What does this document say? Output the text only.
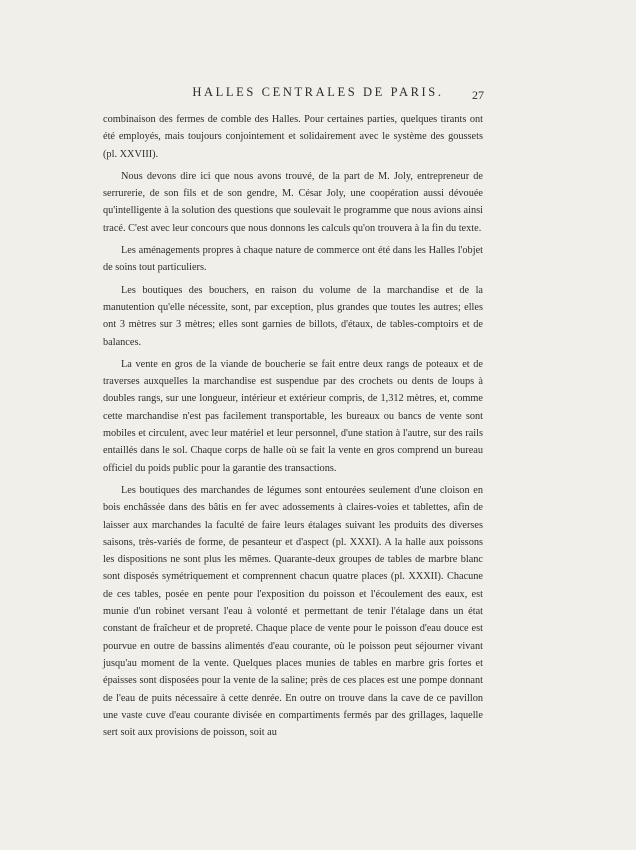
HALLES CENTRALES DE PARIS.	27

combinaison des fermes de comble des Halles. Pour certaines parties, quelques tirants ont été employés, mais toujours conjointement et solidairement avec le système des goussets (pl. XXVIII).

Nous devons dire ici que nous avons trouvé, de la part de M. Joly, entrepreneur de serrurerie, de son fils et de son gendre, M. César Joly, une coopération aussi dévouée qu'intelligente à la solution des questions que soulevait le programme que nous avions ainsi tracé. C'est avec leur concours que nous donnons les calculs qu'on trouvera à la fin du texte.

Les aménagements propres à chaque nature de commerce ont été dans les Halles l'objet de soins tout particuliers.

Les boutiques des bouchers, en raison du volume de la marchandise et de la manutention qu'elle nécessite, sont, par exception, plus grandes que toutes les autres; elles ont 3 mètres sur 3 mètres; elles sont garnies de billots, d'étaux, de tables-comptoirs et de balances.

La vente en gros de la viande de boucherie se fait entre deux rangs de poteaux et de traverses auxquelles la marchandise est suspendue par des crochets ou dents de loups à doubles rangs, sur une longueur, intérieur et extérieur compris, de 1,312 mètres, et, comme cette marchandise n'est pas facilement transportable, les bureaux ou bancs de vente sont mobiles et circulent, avec leur matériel et leur personnel, d'une station à l'autre, sur des rails entaillés dans le sol. Chaque corps de halle où se fait la vente en gros comprend un bureau officiel du poids public pour la garantie des transactions.

Les boutiques des marchandes de légumes sont entourées seulement d'une cloison en bois enchâssée dans des bâtis en fer avec adossements à claires-voies et tablettes, afin de laisser aux marchandes la faculté de faire leurs étalages suivant les produits des diverses saisons, très-variés de forme, de pesanteur et d'aspect (pl. XXXI). A la halle aux poissons les dispositions ne sont plus les mêmes. Quarante-deux groupes de tables de marbre blanc sont disposés symétriquement et comprennent chacun quatre places (pl. XXXII). Chacune de ces tables, posée en pente pour l'exposition du poisson et l'écoulement des eaux, est munie d'un robinet versant l'eau à volonté et permettant de tenir l'étalage dans un état constant de fraîcheur et de propreté. Chaque place de vente pour le poisson d'eau douce est pourvue en outre de bassins alimentés d'eau courante, où le poisson peut séjourner vivant jusqu'au moment de la vente. Quelques places munies de tables en marbre gris fortes et épaisses sont disposées pour la vente de la saline; près de ces places est une pompe donnant de l'eau de puits nécessaire à cette denrée. En outre on trouve dans la cave de ce pavillon une vaste cuve d'eau courante divisée en compartiments fermés par des grillages, laquelle sert soit aux provisions de poisson, soit au
